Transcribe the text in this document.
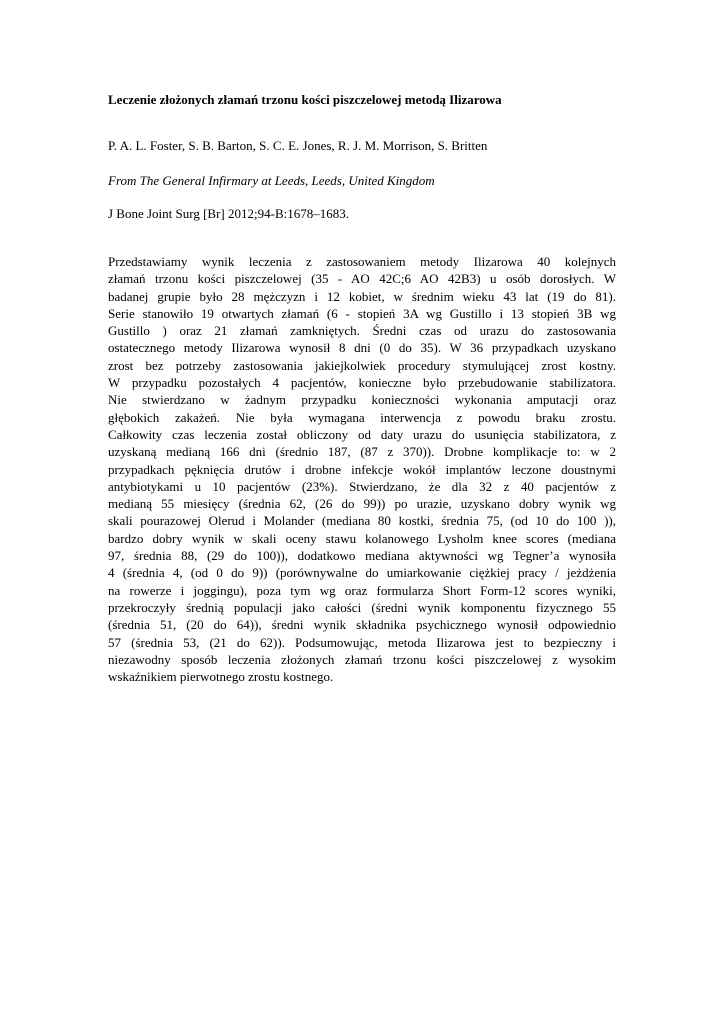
Leczenie złożonych złamań trzonu kości piszczelowej metodą Ilizarowa
P. A. L. Foster, S. B. Barton, S. C. E. Jones, R. J. M. Morrison, S. Britten
From The General Infirmary at Leeds, Leeds, United Kingdom
J Bone Joint Surg [Br] 2012;94-B:1678–1683.
Przedstawiamy wynik leczenia z zastosowaniem metody Ilizarowa 40 kolejnych
złamań trzonu kości piszczelowej (35 - AO 42C;6 AO 42B3) u osób dorosłych. W
badanej grupie było 28 mężczyzn i 12 kobiet, w średnim wieku 43 lat (19 do 81).
Serie stanowiło 19 otwartych złamań (6 - stopień 3A wg Gustillo i 13 stopień 3B wg
Gustillo ) oraz 21 złamań zamkniętych. Średni czas od urazu do zastosowania
ostatecznego metody Ilizarowa wynosił 8 dni (0 do 35). W 36 przypadkach uzyskano
zrost bez potrzeby zastosowania jakiejkolwiek procedury stymulującej zrost kostny.
W przypadku pozostałych 4 pacjentów, konieczne było przebudowanie stabilizatora.
Nie stwierdzano w żadnym przypadku konieczności wykonania amputacji oraz
głębokich zakażeń. Nie była wymagana interwencja z powodu braku zrostu.
Całkowity czas leczenia został obliczony od daty urazu do usunięcia stabilizatora, z
uzyskaną medianą 166 dni (średnio 187, (87 z 370)). Drobne komplikacje to: w 2
przypadkach pęknięcia drutów i drobne infekcje wokół implantów leczone doustnymi
antybiotykami u 10 pacjentów (23%). Stwierdzano, że dla 32 z 40 pacjentów z
medianą 55 miesięcy (średnia 62, (26 do 99)) po urazie, uzyskano dobry wynik wg
skali pourazowej Olerud i Molander (mediana 80 kostki, średnia 75, (od 10 do 100 )),
bardzo dobry wynik w skali oceny stawu kolanowego Lysholm knee scores (mediana
97, średnia 88, (29 do 100)), dodatkowo mediana aktywności wg Tegner’a wynosiła
4 (średnia 4, (od 0 do 9)) (porównywalne do umiarkowanie ciężkiej pracy / jeżdżenia
na rowerze i joggingu), poza tym wg oraz formularza Short Form-12 scores wyniki,
przekroczyły średnią populacji jako całości (średni wynik komponentu fizycznego 55
(średnia 51, (20 do 64)), średni wynik składnika psychicznego wynosił odpowiednio
57 (średnia 53, (21 do 62)). Podsumowując, metoda Ilizarowa jest to bezpieczny i
niezawodny sposób leczenia złożonych złamań trzonu kości piszczelowej z wysokim
wskaźnikiem pierwotnego zrostu kostnego.
